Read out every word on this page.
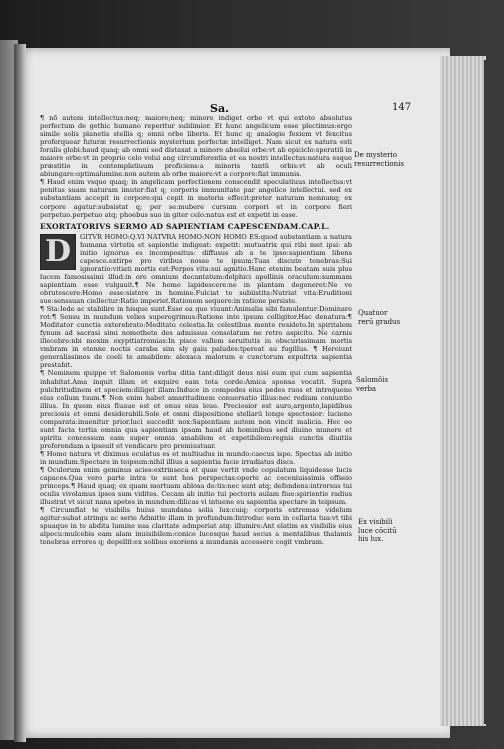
Sa.	147

¶ nõ autem intellectus:neq; maiore;neq; minore indiget orbe vt qui extoto absolutus perfectum de gethic humano reperitur sublimior. Et hunc angelicum esse plectimus:ergo simile solis planetis stellis q; omni orbe liberis. Et hunc q; analogie fexiem vt fexcitus proferquear futuræ resurrectionis mysterium perfectæ intelliget. Nam sicut ex natura esti foralis globi:haud quaq; ab omni sed distaxat a minore absolui orbe:vt ab epiciclo:speratiū in maiore orbe:vt in proprio celo volui ang circumferentia et ea nostri intellectus:natura esque præstitio in contemplatiuum proficiens:a minoris tantū orbis:vt ab oculi abiungare:optimalumine.non autem ab orbe maiore:vt a corpore:fiat immunis.

¶ Haud enim vsque quaq; in angelicam perfectionem conscendit speculatiuus intellectus:vt penitus suam naturam imuter:fiat q; corporis immunitate par angelico intellectui. sed ex substantiam accepit in corpore:qui cepit in materia effecit:preter naturam nonnunq; ex corpore agatur:subsistat q; per se:mubere cursum corpori et in corpore fieri perpetuo.perpetuo atq; phoebus suo in giter celo:natus est et expetit in esse.

EXORTATORIVS SERMO AD SAPIENTIAM CAPESCENDAM.CAP.L.

D	GITVR HOMO:Q.VI NATVRA HOMO:NON HOMO ES:quod substantiam a natura humana virtutis et sapientie indigeat: expetit: mutuatrix qui ribi met ipsi: ab initio ignorus es incompositus: diffusus ab a te ipso:sapientiam libens capesce.extirpe pro viribus nosse te ipsum:Tuas discute tenebras:Sui ignoratio:vitiati mortis est:Perpes vita:sui agnitio.Hanc etenim beatam suis plus lucem famosissimi illud:in ore omnium decantatum:delphici apollinis oraculum:summam sapientiam esse vulgauit.¶ Ne homo lapidescere:ne in plantam degeneret:Ne ve obrutescere:Homo esse:sistere in homine.Fulciat te subiistita:Nutriat vita:Eruditioni sue:senssuan ciellectur:Ratio imperiet.Rationem sequere:in ratione persiste.

¶ Sta:Iede ac stabilire in hisque sunt.Esse ea que viuunt:Animalia sibi famulentur:Dominare rot:¶ Sensu in mundum velies superegrimus:Ratione inte ipsum colligitor.Hac denatura:¶ Moditator cunctis exterebrato:Meditato celestia.In celestibus mente resideto.In spiritalem fynum ad sacrasi simi nomothete des admissus consolatum ne retro aspicito. Ne carnis illecebre:nbi moxim exypttiatromias:In pisce vallem seruitutis in obscurissimam mortis vmbram in etenne noctis caraba sim sly gaiu paludes:tpereat au fugillus. ¶ Hereiunt generalissimes de coeli te amabilem: alexaca malorum e cunctorum expultrix sapientia prestabit.

¶ Neminem quippe vt Salomonis verba ditia tant:diligit deus nisi eum qui cum sapientia inhabitat.Ama inquit illam et exquire eam tota corde:Amica sponsa vocatit. Supra pulchritudinem et speciem:diliget illam:Induce in compedes eius pedes ruos et introquene eius collum tuum.¶ Non enim habet amaritudinem conuersatio illius:nec redium coniuntio illius. In quem eius fluaue est et onus eius leue. Preciosior est auro,argento,lapidibus preciosis et omni desiderabili.Sole et omni dispositione stellarū longe spectosior: lucieno comparata:inuenitur prior.luci succedit nox:Sapientiam autem non vincit malicia. Hec eo sunt facta tertia omnia qua sapientiam ipsam haud ab hominibus sed diuino munere et spiritu concessum eam super omnia amabilem et expetibilem:regnis cunctis diuitiis preferendam a ipseuit et vendicare pro premiustuar.

¶ Homo natura vt diximus oculatus es et multiudus in mundo:caecus ispo. Spectas ab initio in mundum.Spectare in teipsum:nihil illius a sapientia facie irradiatus discs.

¶ Oculorum enim geminus acies:extrinseca et quae vertit vnde copulatum liquidesse lucis capaces.Qua vero parte intra te sunt hos perspectas:operte ac ceceniuissimis offseio princeps.¶ Haud quaq; ex quam mortuam ablosa de:tis:nec sunt atq; defendens:introrsus tui oculis vivolamus ipsos sum vidites. Cecam ab initio tui pectoris aulam fiue:spirientie radius illustrat vt sicut nana spetes in mundum:dilicas vi intuene eu sapientia spectare in teipsum.

¶ Circumflat te visibilis huius mundana solis lux:cuiq; corporis extremas videlum agitur:subat atringu ac serie Admitte illam in profundum:Introduc eam in cellaria tua:vt tibi spuaque in te abdita lumine sua claritate admperiat atq: illumire:Ant elatim ex visibilis eius alpecu:mulcebis eam alam inuisibilem:conice lucesque haud secus a mentalibus thalamis tenebras errores q; depellit:ex solibus exoriens a mundanis accessere cogit vmbram.

De mysterio resurrectionis
Quatuor rerū gradus
Salomōis verba
Ex visibili luce cōcitū his lux.
